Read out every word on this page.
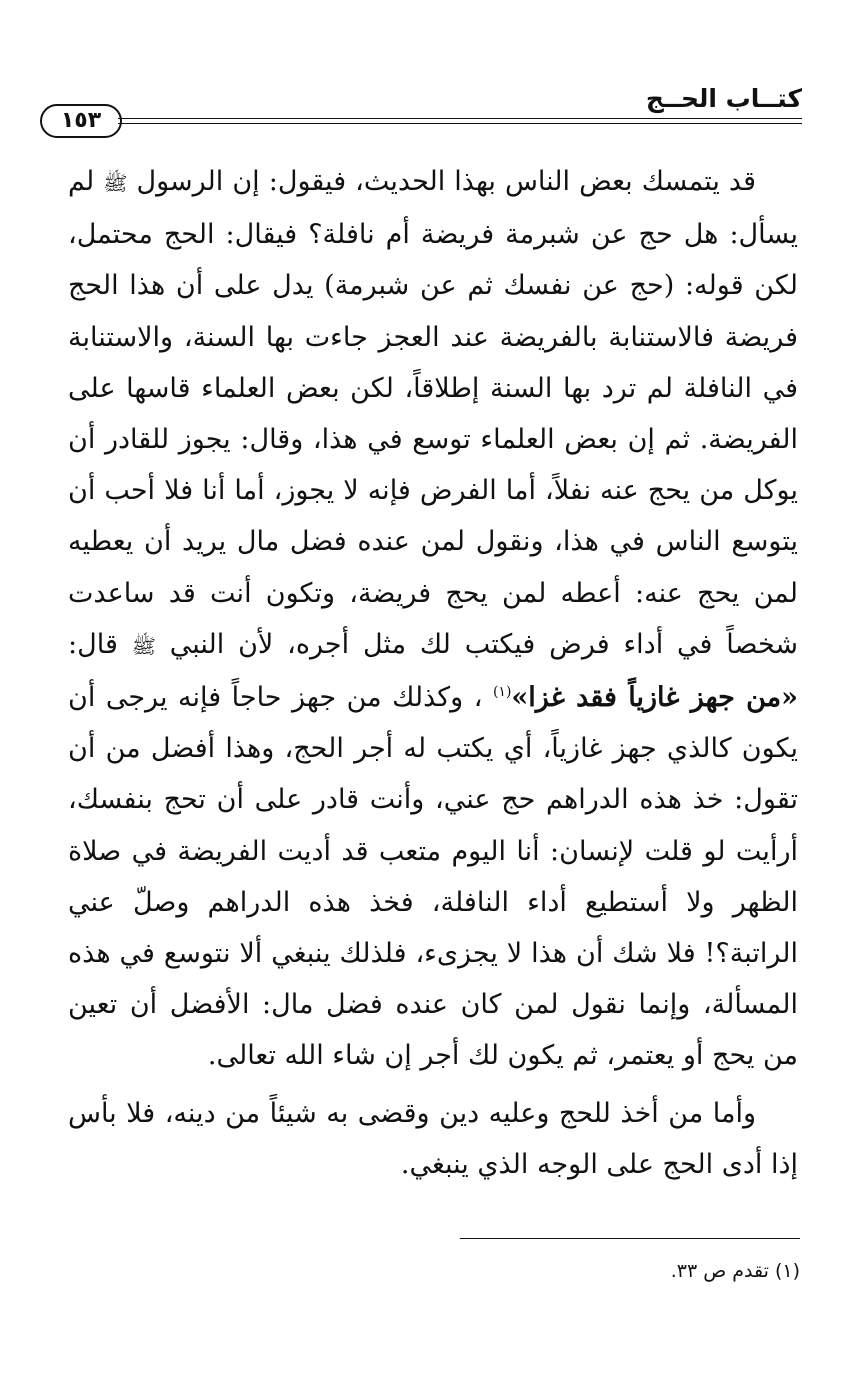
كتــاب الحــج
١٥٣

قد يتمسك بعض الناس بهذا الحديث، فيقول: إن الرسول ﷺ لم يسأل: هل حج عن شبرمة فريضة أم نافلة؟ فيقال: الحج محتمل، لكن قوله: (حج عن نفسك ثم عن شبرمة) يدل على أن هذا الحج فريضة فالاستنابة بالفريضة عند العجز جاءت بها السنة، والاستنابة في النافلة لم ترد بها السنة إطلاقاً، لكن بعض العلماء قاسها على الفريضة. ثم إن بعض العلماء توسع في هذا، وقال: يجوز للقادر أن يوكل من يحج عنه نفلاً، أما الفرض فإنه لا يجوز، أما أنا فلا أحب أن يتوسع الناس في هذا، ونقول لمن عنده فضل مال يريد أن يعطيه لمن يحج عنه: أعطه لمن يحج فريضة، وتكون أنت قد ساعدت شخصاً في أداء فرض فيكتب لك مثل أجره، لأن النبي ﷺ قال: «من جهز غازياً فقد غزا»$^{(١)}$ ، وكذلك من جهز حاجاً فإنه يرجى أن يكون كالذي جهز غازياً، أي يكتب له أجر الحج، وهذا أفضل من أن تقول: خذ هذه الدراهم حج عني، وأنت قادر على أن تحج بنفسك، أرأيت لو قلت لإنسان: أنا اليوم متعب قد أديت الفريضة في صلاة الظهر ولا أستطيع أداء النافلة، فخذ هذه الدراهم وصلّ عني الراتبة؟! فلا شك أن هذا لا يجزىء، فلذلك ينبغي ألا نتوسع في هذه المسألة، وإنما نقول لمن كان عنده فضل مال: الأفضل أن تعين من يحج أو يعتمر، ثم يكون لك أجر إن شاء الله تعالى.

وأما من أخذ للحج وعليه دين وقضى به شيئاً من دينه، فلا بأس إذا أدى الحج على الوجه الذي ينبغي.

(١) تقدم ص ٣٣.
